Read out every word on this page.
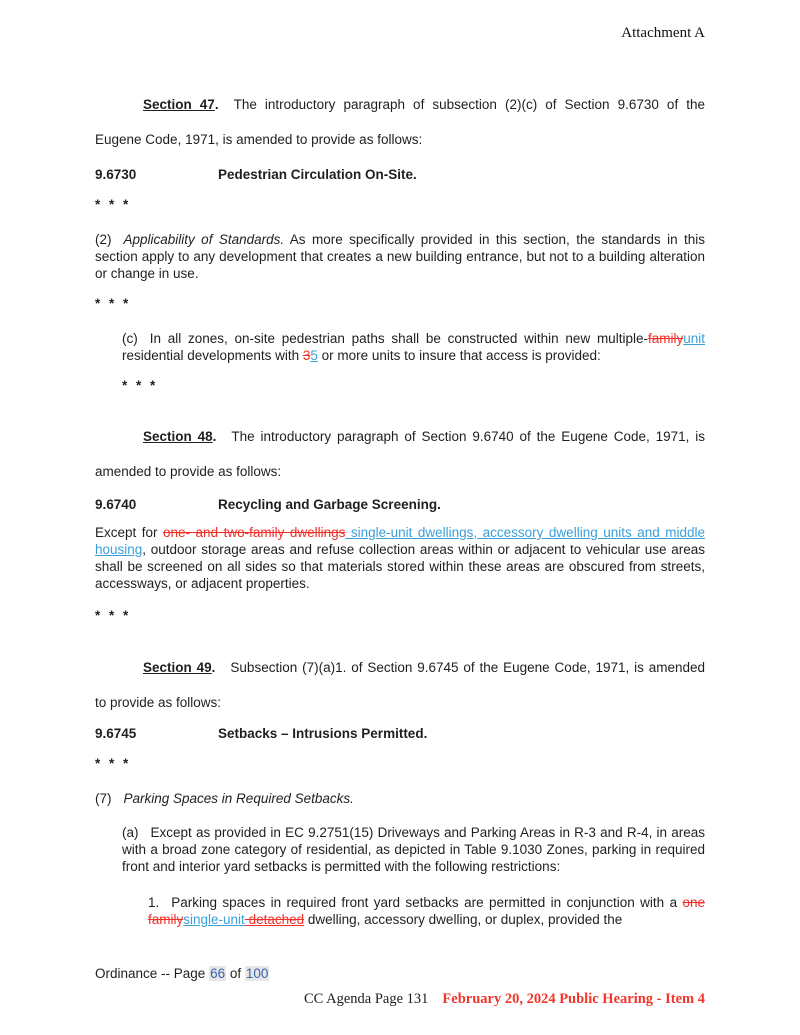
Attachment A
Section 47. The introductory paragraph of subsection (2)(c) of Section 9.6730 of the Eugene Code, 1971, is amended to provide as follows:
9.6730	Pedestrian Circulation On-Site.
* * *
(2) Applicability of Standards. As more specifically provided in this section, the standards in this section apply to any development that creates a new building entrance, but not to a building alteration or change in use.
* * *
(c) In all zones, on-site pedestrian paths shall be constructed within new multiple-familyunit residential developments with 35 or more units to insure that access is provided:
* * *
Section 48. The introductory paragraph of Section 9.6740 of the Eugene Code, 1971, is amended to provide as follows:
9.6740	Recycling and Garbage Screening.
Except for one- and two-family dwellings single-unit dwellings, accessory dwelling units and middle housing, outdoor storage areas and refuse collection areas within or adjacent to vehicular use areas shall be screened on all sides so that materials stored within these areas are obscured from streets, accessways, or adjacent properties.
* * *
Section 49. Subsection (7)(a)1. of Section 9.6745 of the Eugene Code, 1971, is amended to provide as follows:
9.6745	Setbacks – Intrusions Permitted.
* * *
(7) Parking Spaces in Required Setbacks.
(a) Except as provided in EC 9.2751(15) Driveways and Parking Areas in R-3 and R-4, in areas with a broad zone category of residential, as depicted in Table 9.1030 Zones, parking in required front and interior yard setbacks is permitted with the following restrictions:
1. Parking spaces in required front yard setbacks are permitted in conjunction with a one familysingle-unit detached dwelling, accessory dwelling, or duplex, provided the
Ordinance -- Page 66 of 100
CC Agenda Page 131 February 20, 2024 Public Hearing - Item 4
